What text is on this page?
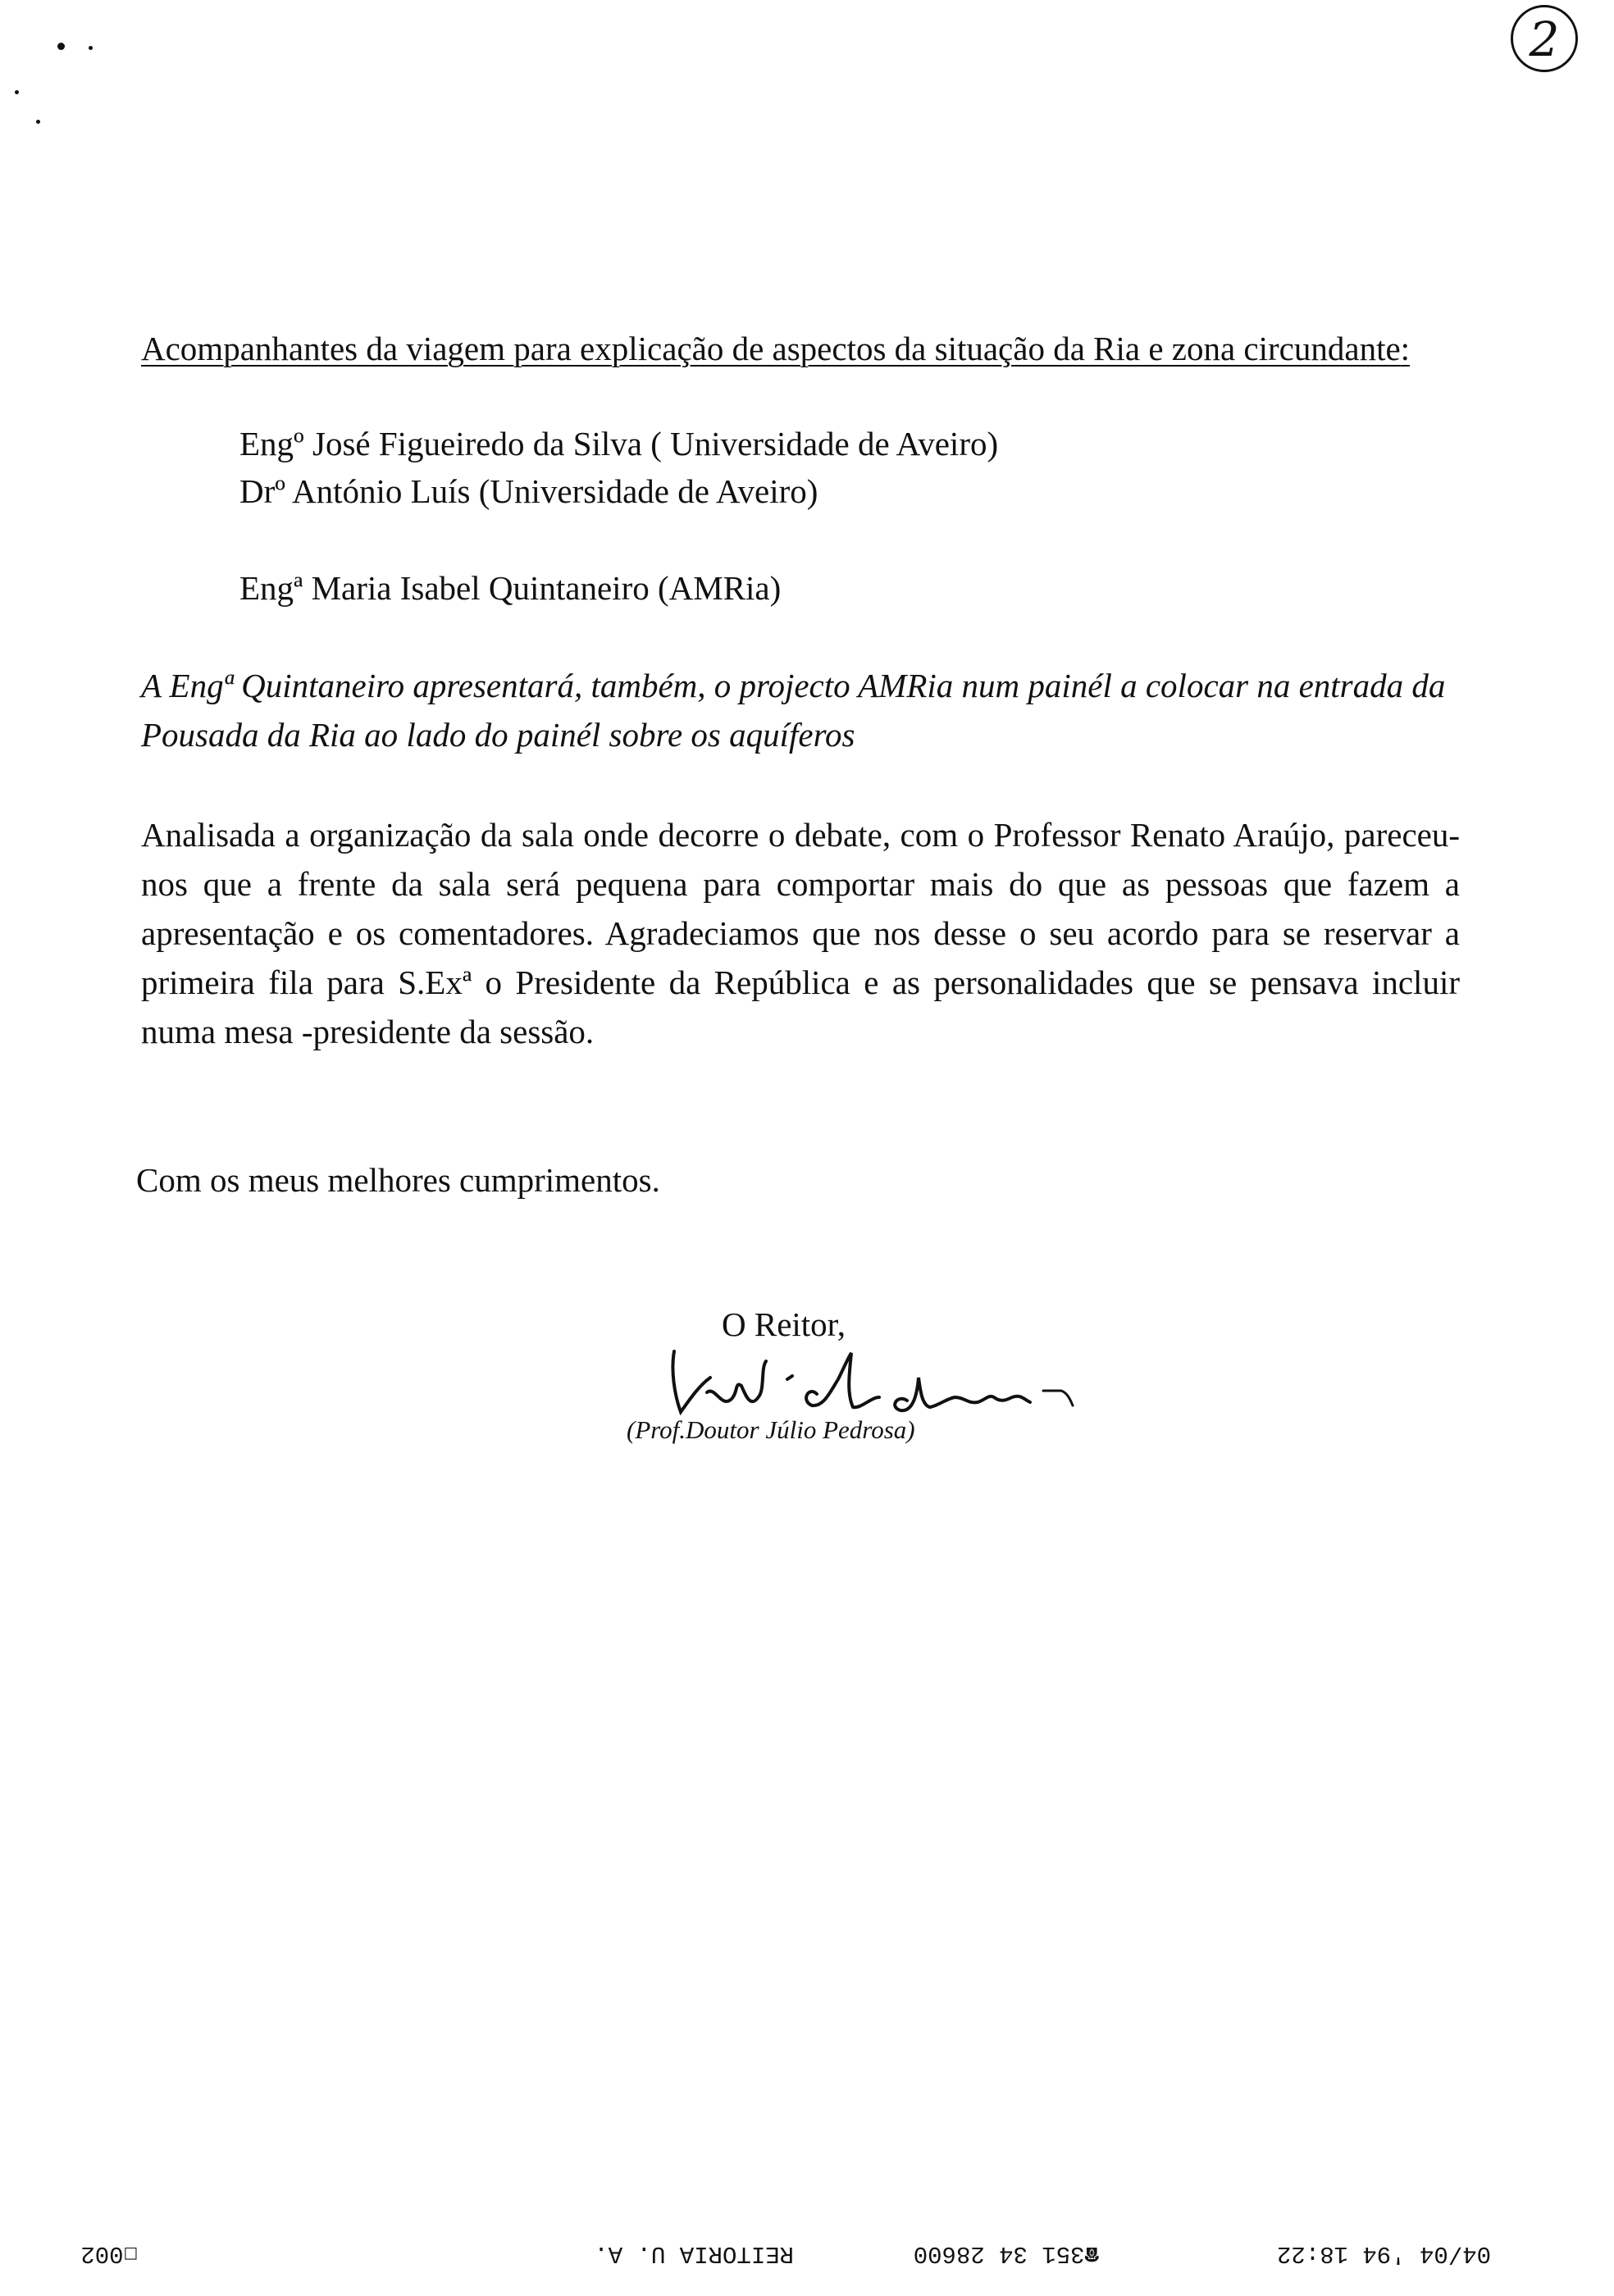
2
Acompanhantes da viagem para explicação de aspectos da situação da Ria e zona circundante:
Engº José Figueiredo da Silva ( Universidade de Aveiro)
Drº António Luís (Universidade de Aveiro)
Engª Maria Isabel Quintaneiro (AMRia)
A Engª Quintaneiro apresentará, também, o projecto AMRia num painél a colocar na entrada da Pousada da Ria ao lado do painél sobre os aquíferos
Analisada a organização da sala onde decorre o debate, com o Professor Renato Araújo, pareceu-nos que a frente da sala será pequena para comportar mais do que as pessoas que fazem a apresentação e os comentadores. Agradeciamos que nos desse o seu acordo para se reservar a primeira fila para S.Exª o Presidente da República e as personalidades que se pensava incluir numa mesa -presidente da sessão.
Com os meus melhores cumprimentos.
O Reitor,
(Prof.Doutor Júlio Pedrosa)
04/04 '94 18:22
☎351 34 28600
REITORIA U. A.
☐002
